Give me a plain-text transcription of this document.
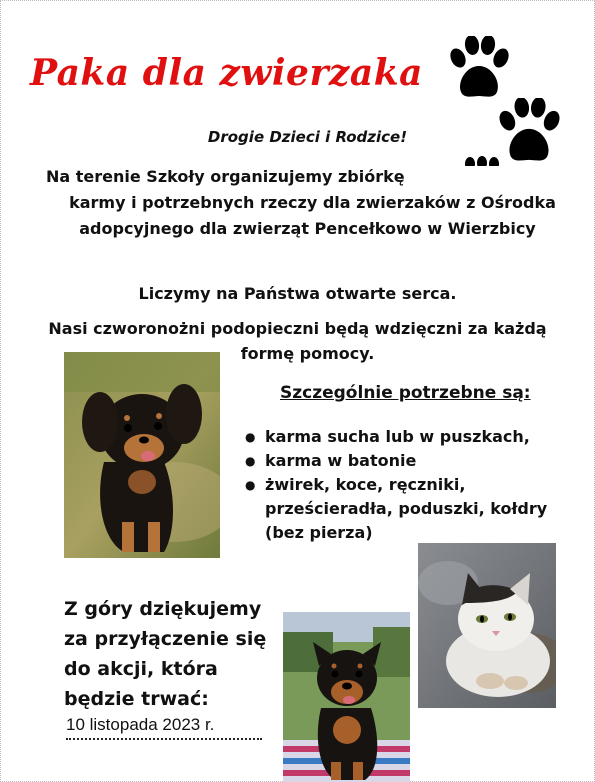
Paka dla zwierzaka
Drogie Dzieci i Rodzice!
Na terenie Szkoły organizujemy zbiórkę
karmy i potrzebnych rzeczy dla zwierzaków z Ośrodka
adopcyjnego dla zwierząt Pencełkowo w Wierzbicy
Liczymy na Państwa otwarte serca.
Nasi czworonożni podopieczni będą wdzięczni za każdą
formę pomocy.
Szczególnie potrzebne są:
● karma sucha lub w puszkach,
● karma w batonie
● żwirek, koce, ręczniki,
prześcieradła, poduszki, kołdry
(bez pierza)
Z góry dziękujemy
za przyłączenie się
do akcji, która
będzie trwać:
10 listopada 2023 r.
